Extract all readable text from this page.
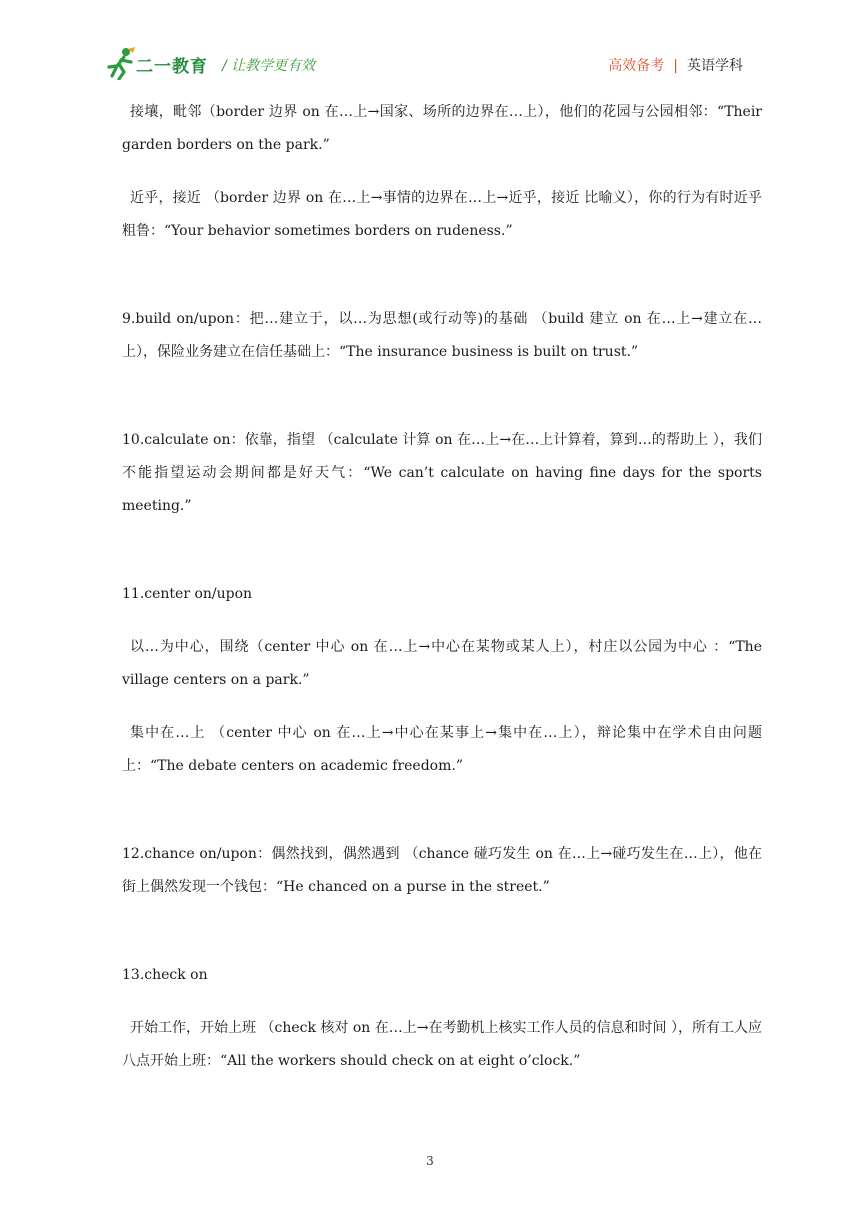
二一教育 / 让教学更有效	高效备考 | 英语学科

接壤，毗邻（border 边界 on 在…上→国家、场所的边界在…上），他们的花园与公园相邻：“Their garden borders on the park.”

近乎，接近 （border 边界 on 在…上→事情的边界在…上→近乎，接近 比喻义），你的行为有时近乎粗鲁：“Your behavior sometimes borders on rudeness.”

9.build on/upon：把…建立于，以…为思想(或行动等)的基础 （build 建立 on 在…上→建立在…上），保险业务建立在信任基础上：“The insurance business is built on trust.”

10.calculate on：依靠，指望 （calculate 计算 on 在…上→在…上计算着，算到…的帮助上 ），我们不能指望运动会期间都是好天气：“We can’t calculate on having fine days for the sports meeting.”

11.center on/upon

以…为中心，围绕（center 中心 on 在…上→中心在某物或某人上），村庄以公园为中心 ：“The village centers on a park.”

集中在…上 （center 中心 on 在…上→中心在某事上→集中在…上），辩论集中在学术自由问题上：“The debate centers on academic freedom.”

12.chance on/upon：偶然找到，偶然遇到 （chance 碰巧发生 on 在…上→碰巧发生在…上），他在街上偶然发现一个钱包：“He chanced on a purse in the street.”

13.check on

开始工作，开始上班 （check 核对 on 在…上→在考勤机上核实工作人员的信息和时间 ），所有工人应八点开始上班：“All the workers should check on at eight o’clock.”

3
